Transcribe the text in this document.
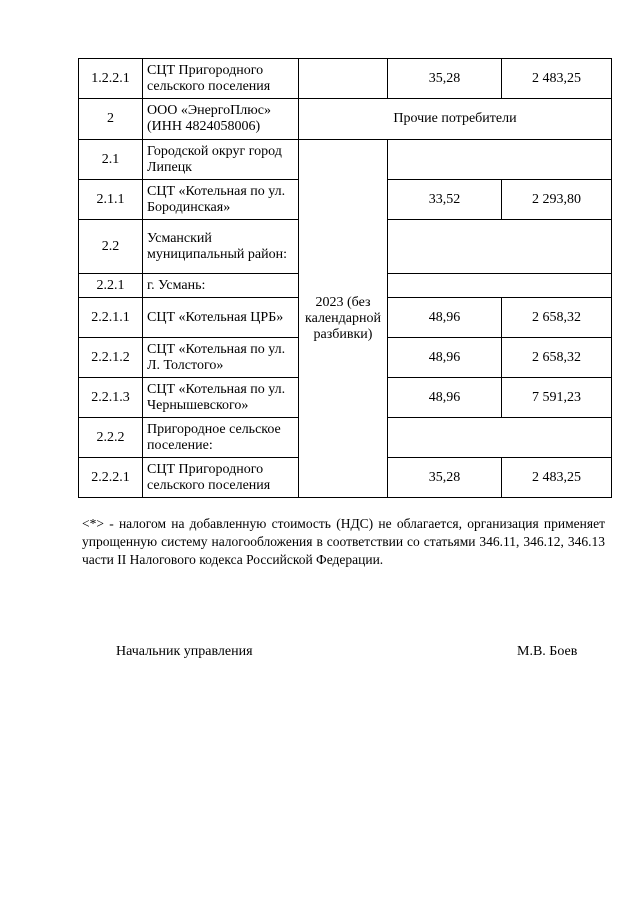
1.2.2.1	СЦТ Пригородного сельского поселения		35,28	2 483,25
2	ООО «ЭнергоПлюс» (ИНН 4824058006)	Прочие потребители		
2.1	Городской округ город Липецк	2023 (без календарной разбивки)		
2.1.1	СЦТ «Котельная по ул. Бородинская»		33,52	2 293,80
2.2	Усманский муниципальный район:			
2.2.1	г. Усмань:			
2.2.1.1	СЦТ «Котельная ЦРБ»		48,96	2 658,32
2.2.1.2	СЦТ «Котельная по ул. Л. Толстого»		48,96	2 658,32
2.2.1.3	СЦТ «Котельная по ул. Чернышевского»		48,96	7 591,23
2.2.2	Пригородное сельское поселение:			
2.2.2.1	СЦТ Пригородного сельского поселения		35,28	2 483,25

<*> - налогом на добавленную стоимость (НДС) не облагается, организация применяет упрощенную систему налогообложения в соответствии со статьями 346.11, 346.12, 346.13 части II Налогового кодекса Российской Федерации.

Начальник управления	М.В. Боев
